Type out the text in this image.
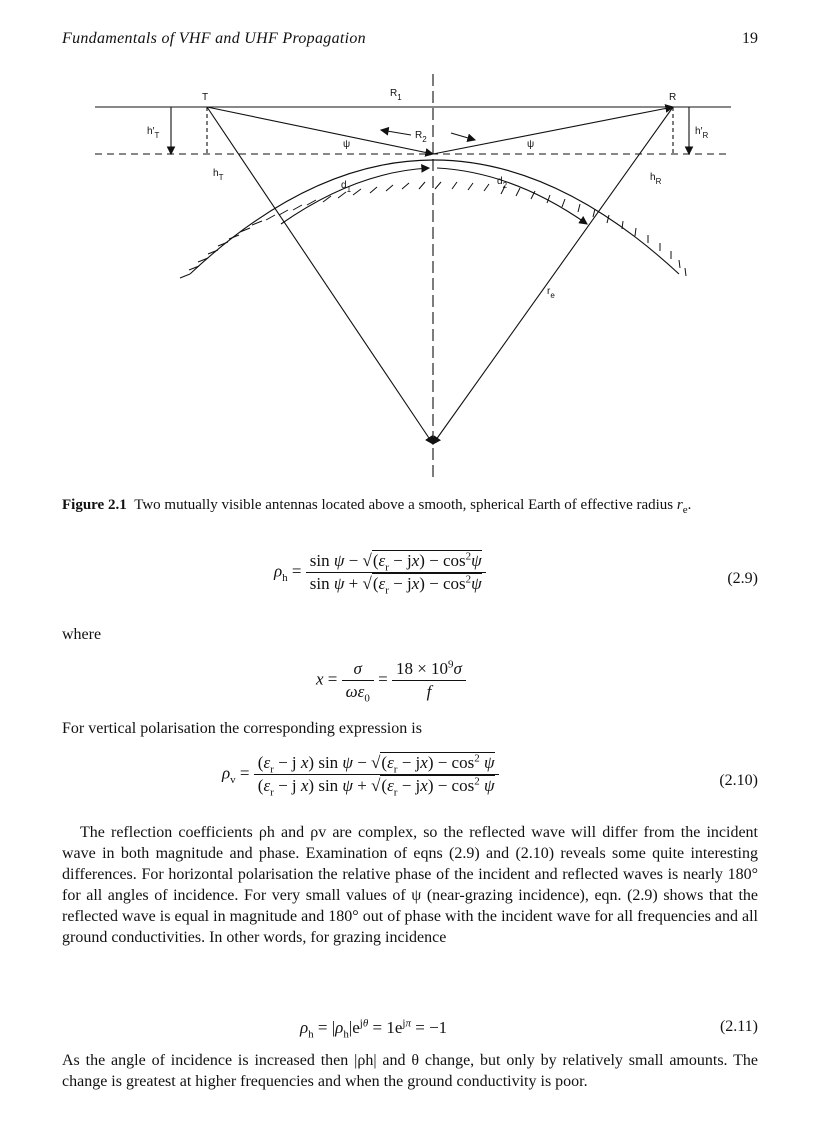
Fundamentals of VHF and UHF Propagation	19
T	R
$R_1$
$R_2$
$h'_T$	$h'_R$
$h_T$	$h_R$
$d_1$
$d_2$
ψ	ψ
$r_e$
Figure 2.1 Two mutually visible antennas located above a smooth, spherical Earth of effective radius $r_e$.
$\rho_h = \frac{\sin \psi - √(\varepsilon_r - jx) - \cos^2\psi}{\sin \psi + √(\varepsilon_r - jx) - \cos^2\psi}$	(2.9)
where
$x = \frac{\sigma}{\omega\varepsilon_0} = \frac{18 \times 10^9\sigma}{f}$
For vertical polarisation the corresponding expression is
$\rho_v = \frac{(\varepsilon_r - j x) \sin \psi - √(\varepsilon_r - jx) - \cos^2 \psi}{(\varepsilon_r - j x) \sin \psi + √(\varepsilon_r - jx) - \cos^2 \psi}$	(2.10)
The reflection coefficients ρh and ρv are complex, so the reflected wave will differ from the incident wave in both magnitude and phase. Examination of eqns (2.9) and (2.10) reveals some quite interesting differences. For horizontal polarisation the relative phase of the incident and reflected waves is nearly 180° for all angles of incidence. For very small values of ψ (near-grazing incidence), eqn. (2.9) shows that the reflected wave is equal in magnitude and 180° out of phase with the incident wave for all frequencies and all ground conductivities. In other words, for grazing incidence
$\rho_h = |\rho_h|e^{j\theta} = 1e^{j\pi} = -1$	(2.11)
As the angle of incidence is increased then |ρh| and θ change, but only by relatively small amounts. The change is greatest at higher frequencies and when the ground conductivity is poor.
